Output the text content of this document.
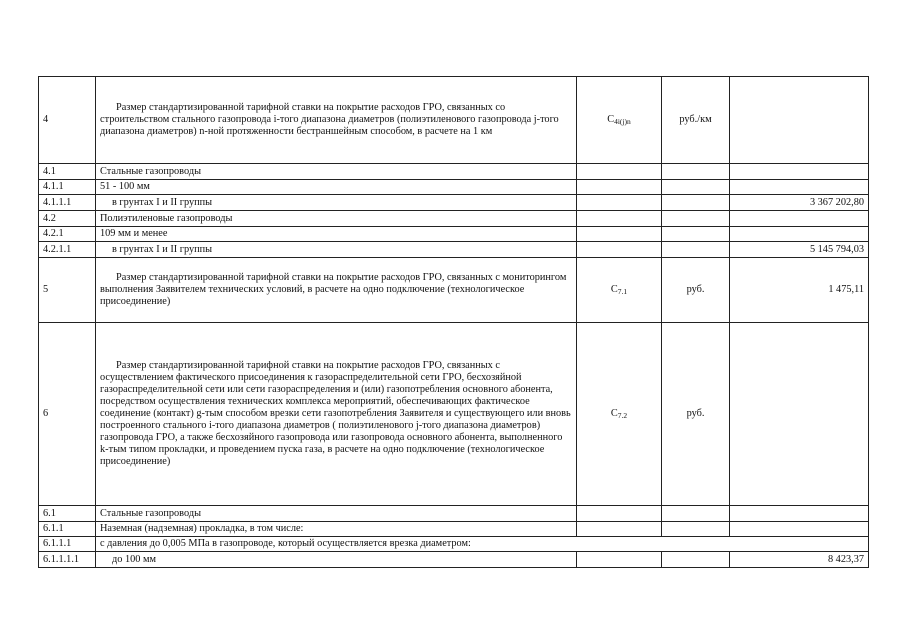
4	Размер стандартизированной тарифной ставки на покрытие расходов ГРО, связанных со строительством стального газопровода i-того диапазона диаметров (полиэтиленового газопровода j-того диапазона диаметров) n-ной протяженности бестраншейным способом, в расчете на 1 км	$C_{4i(j)n}$	руб./км	
4.1	Стальные газопроводы			
4.1.1	51 - 100 мм			
4.1.1.1	в грунтах I и II группы			3 367 202,80
4.2	Полиэтиленовые газопроводы			
4.2.1	109 мм и менее			
4.2.1.1	в грунтах I и II группы			5 145 794,03
5	Размер стандартизированной тарифной ставки на покрытие расходов ГРО, связанных с мониторингом выполнения Заявителем технических условий, в расчете на одно подключение (технологическое присоединение)	$C_{7.1}$	руб.	1 475,11
6	Размер стандартизированной тарифной ставки на покрытие расходов ГРО, связанных с осуществлением фактического присоединения к газораспределительной сети ГРО, бесхозяйной газораспределительной сети или сети газораспределения и (или) газопотребления основного абонента, посредством осуществления технических комплекса мероприятий, обеспечивающих фактическое соединение (контакт) g-тым способом врезки сети газопотребления Заявителя и существующего или вновь построенного стального i-того диапазона диаметров ( полиэтиленового j-того диапазона диаметров) газопровода ГРО, а также бесхозяйного газопровода или газопровода основного абонента, выполненного k-тым типом прокладки, и проведением пуска газа, в расчете на одно подключение (технологическое присоединение)	$C_{7.2}$	руб.	
6.1	Стальные газопроводы			
6.1.1	Наземная (надземная) прокладка, в том числе:			
6.1.1.1	с давления до 0,005 МПа в газопроводе, который осуществляется врезка диаметром:			
6.1.1.1.1	до 100 мм			8 423,37
